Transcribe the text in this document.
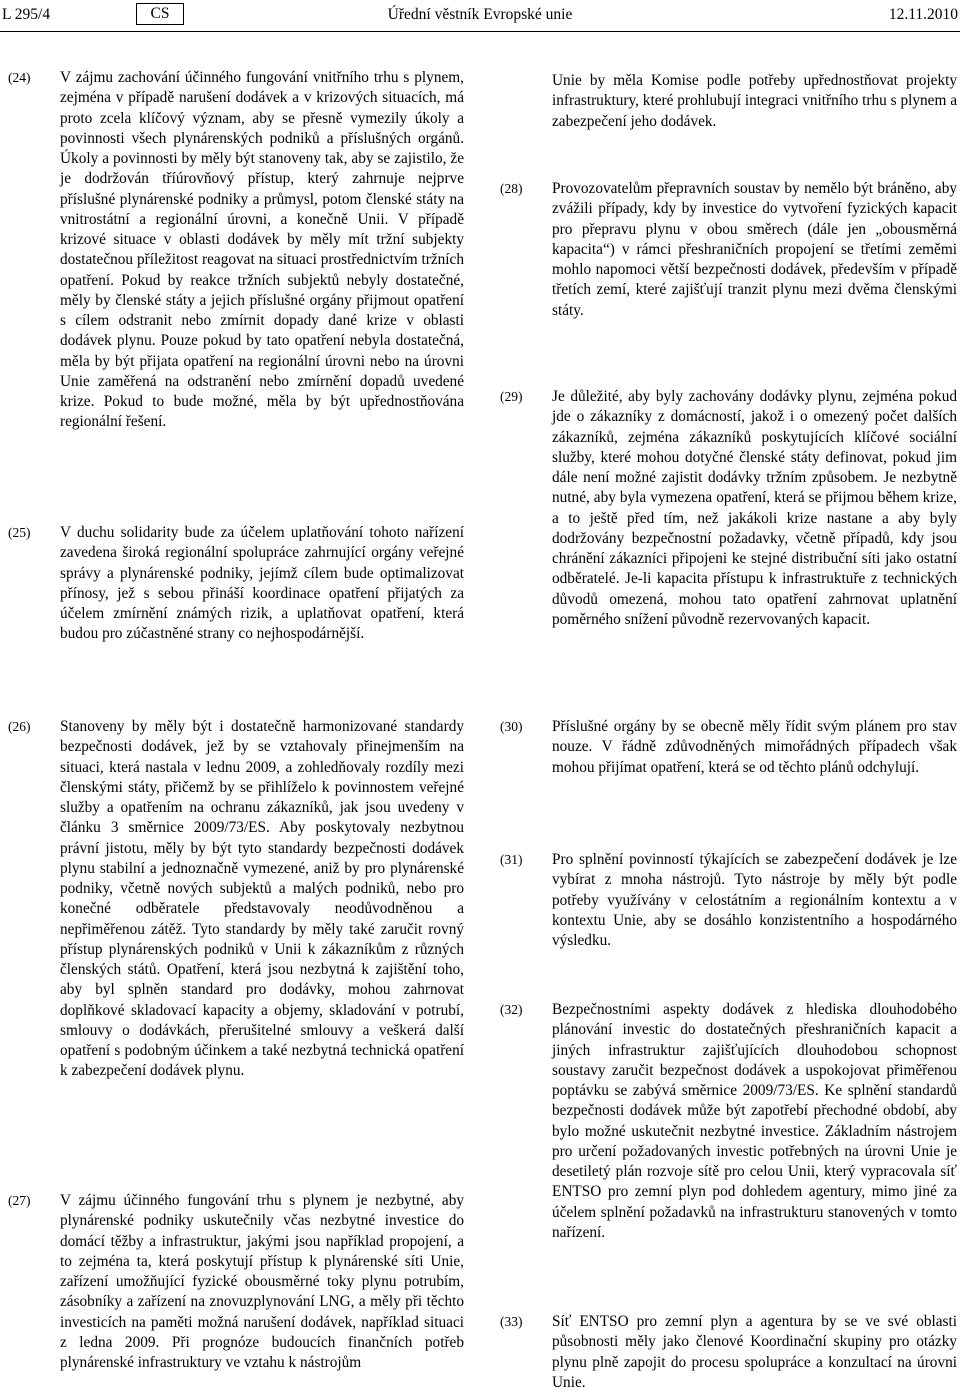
L 295/4	Úřední věstník Evropské unie
CS	12.11.2010
(24) V zájmu zachování účinného fungování vnitřního trhu s plynem, zejména v případě narušení dodávek a v krizových situacích, má proto zcela klíčový význam, aby se přesně vymezily úkoly a povinnosti všech plynárenských podniků a příslušných orgánů. Úkoly a povinnosti by měly být stanoveny tak, aby se zajistilo, že je dodržován tříúrovňový přístup, který zahrnuje nejprve příslušné plynárenské podniky a průmysl, potom členské státy na vnitrostátní a regionální úrovni, a konečně Unii. V případě krizové situace v oblasti dodávek by měly mít tržní subjekty dostatečnou příležitost reagovat na situaci prostřednictvím tržních opatření. Pokud by reakce tržních subjektů nebyly dostatečné, měly by členské státy a jejich příslušné orgány přijmout opatření s cílem odstranit nebo zmírnit dopady dané krize v oblasti dodávek plynu. Pouze pokud by tato opatření nebyla dostatečná, měla by být přijata opatření na regionální úrovni nebo na úrovni Unie zaměřená na odstranění nebo zmírnění dopadů uvedené krize. Pokud to bude možné, měla by být upřednostňována regionální řešení.
(25) V duchu solidarity bude za účelem uplatňování tohoto nařízení zavedena široká regionální spolupráce zahrnující orgány veřejné správy a plynárenské podniky, jejímž cílem bude optimalizovat přínosy, jež s sebou přináší koordinace opatření přijatých za účelem zmírnění známých rizik, a uplatňovat opatření, která budou pro zúčastněné strany co nejhospodárnější.
Unie by měla Komise podle potřeby upřednostňovat projekty infrastruktury, které prohlubují integraci vnitřního trhu s plynem a zabezpečení jeho dodávek.
(28) Provozovatelům přepravních soustav by nemělo být bráněno, aby zvážili případy, kdy by investice do vytvoření fyzických kapacit pro přepravu plynu v obou směrech (dále jen „obousměrná kapacita“) v rámci přeshraničních propojení se třetími zeměmi mohlo napomoci větší bezpečnosti dodávek, především v případě třetích zemí, které zajišťují tranzit plynu mezi dvěma členskými státy.
(29) Je důležité, aby byly zachovány dodávky plynu, zejména pokud jde o zákazníky z domácností, jakož i o omezený počet dalších zákazníků, zejména zákazníků poskytujících klíčové sociální služby, které mohou dotyčné členské státy definovat, pokud jim dále není možné zajistit dodávky tržním způsobem. Je nezbytně nutné, aby byla vymezena opatření, která se přijmou během krize, a to ještě před tím, než jakákoli krize nastane a aby byly dodržovány bezpečnostní požadavky, včetně případů, kdy jsou chránění zákazníci připojeni ke stejné distribuční síti jako ostatní odběratelé. Je-li kapacita přístupu k infrastruktuře z technických důvodů omezená, mohou tato opatření zahrnovat uplatnění poměrného snížení původně rezervovaných kapacit.
(26) Stanoveny by měly být i dostatečně harmonizované standardy bezpečnosti dodávek, jež by se vztahovaly přinejmenším na situaci, která nastala v lednu 2009, a zohledňovaly rozdíly mezi členskými státy, přičemž by se přihlíželo k povinnostem veřejné služby a opatřením na ochranu zákazníků, jak jsou uvedeny v článku 3 směrnice 2009/73/ES. Aby poskytovaly nezbytnou právní jistotu, měly by být tyto standardy bezpečnosti dodávek plynu stabilní a jednoznačně vymezené, aniž by pro plynárenské podniky, včetně nových subjektů a malých podniků, nebo pro konečné odběratele představovaly neodůvodněnou a nepřiměřenou zátěž. Tyto standardy by měly také zaručit rovný přístup plynárenských podniků v Unii k zákazníkům z různých členských států. Opatření, která jsou nezbytná k zajištění toho, aby byl splněn standard pro dodávky, mohou zahrnovat doplňkové skladovací kapacity a objemy, skladování v potrubí, smlouvy o dodávkách, přerušitelné smlouvy a veškerá další opatření s podobným účinkem a také nezbytná technická opatření k zabezpečení dodávek plynu.
(27) V zájmu účinného fungování trhu s plynem je nezbytné, aby plynárenské podniky uskutečnily včas nezbytné investice do domácí těžby a infrastruktur, jakými jsou například propojení, a to zejména ta, která poskytují přístup k plynárenské síti Unie, zařízení umožňující fyzické obousměrné toky plynu potrubím, zásobníky a zařízení na znovuzplynování LNG, a měly při těchto investicích na paměti možná narušení dodávek, například situaci z ledna 2009. Při prognóze budoucích finančních potřeb plynárenské infrastruktury ve vztahu k nástrojům
(30) Příslušné orgány by se obecně měly řídit svým plánem pro stav nouze. V řádně zdůvodněných mimořádných případech však mohou přijímat opatření, která se od těchto plánů odchylují.
(31) Pro splnění povinností týkajících se zabezpečení dodávek je lze vybírat z mnoha nástrojů. Tyto nástroje by měly být podle potřeby využívány v celostátním a regionálním kontextu a v kontextu Unie, aby se dosáhlo konzistentního a hospodárného výsledku.
(32) Bezpečnostními aspekty dodávek z hlediska dlouhodobého plánování investic do dostatečných přeshraničních kapacit a jiných infrastruktur zajišťujících dlouhodobou schopnost soustavy zaručit bezpečnost dodávek a uspokojovat přiměřenou poptávku se zabývá směrnice 2009/73/ES. Ke splnění standardů bezpečnosti dodávek může být zapotřebí přechodné období, aby bylo možné uskutečnit nezbytné investice. Základním nástrojem pro určení požadovaných investic potřebných na úrovni Unie je desetiletý plán rozvoje sítě pro celou Unii, který vypracovala síť ENTSO pro zemní plyn pod dohledem agentury, mimo jiné za účelem splnění požadavků na infrastrukturu stanovených v tomto nařízení.
(33) Síť ENTSO pro zemní plyn a agentura by se ve své oblasti působnosti měly jako členové Koordinační skupiny pro otázky plynu plně zapojit do procesu spolupráce a konzultací na úrovni Unie.
